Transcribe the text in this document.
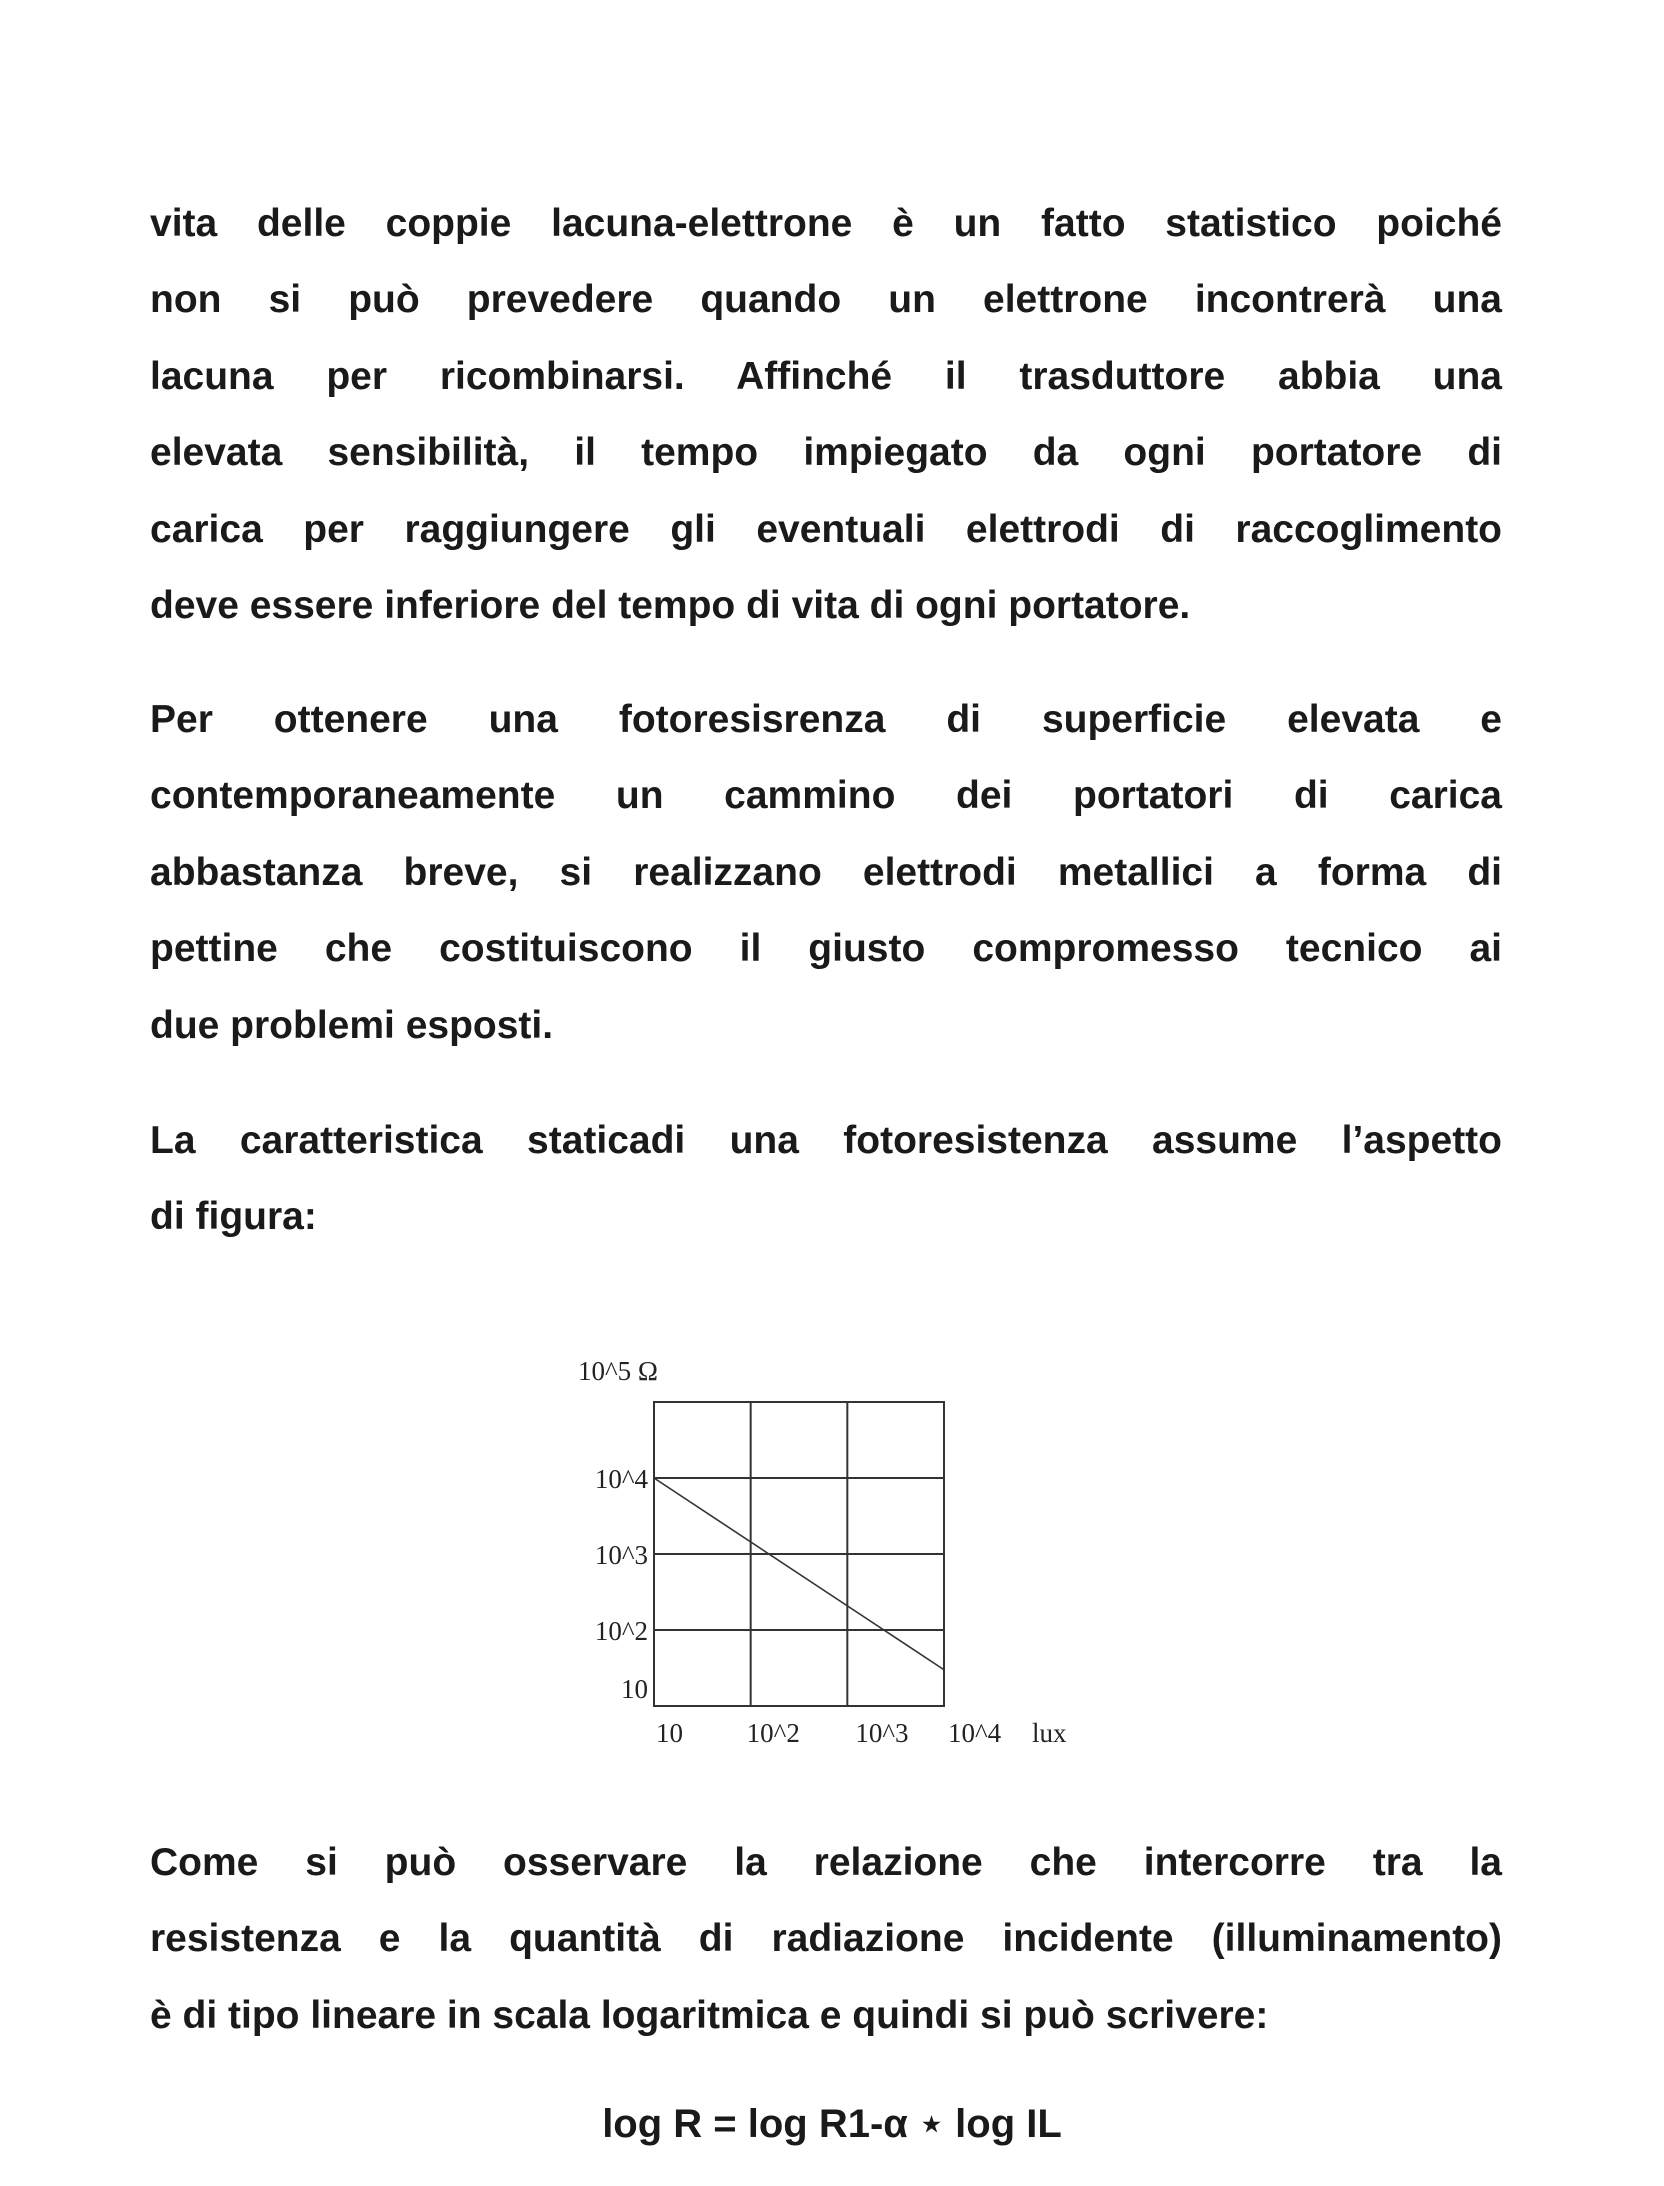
vita delle coppie lacuna-elettrone è un fatto statistico poiché
non si può prevedere quando un elettrone incontrerà una
lacuna per ricombinarsi. Affinché il trasduttore abbia una
elevata sensibilità, il tempo impiegato da ogni portatore di
carica per raggiungere gli eventuali elettrodi di raccoglimento
deve essere inferiore del tempo di vita di ogni portatore.
Per ottenere una fotoresisrenza di superficie elevata e
contemporaneamente un cammino dei portatori di carica
abbastanza breve, si realizzano elettrodi metallici a forma di
pettine che costituiscono il giusto compromesso tecnico ai
due problemi esposti.
La caratteristica staticadi una fotoresistenza assume l’aspetto
di figura:
10^5 Ω
10^4
10^3
10^2
10
10 10^2 10^3 10^4 lux
Come si può osservare la relazione che intercorre tra la
resistenza e la quantità di radiazione incidente (illuminamento)
è di tipo lineare in scala logaritmica e quindi si può scrivere:

log R = log R1-α ⋆ log IL
